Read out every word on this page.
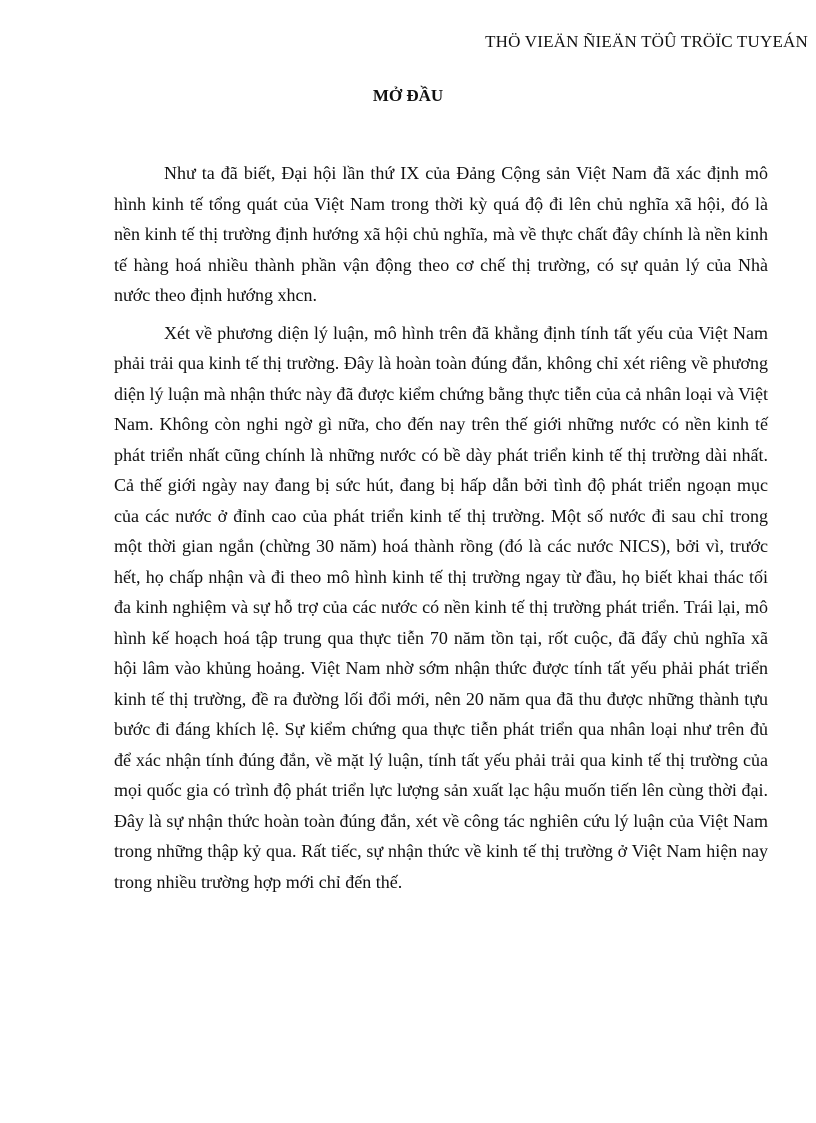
THÖ VIEÄN ÑIEÄN TÖÛ TRÖÏC TUYEÁN
MỞ ĐẦU

Như ta đã biết, Đại hội lần thứ IX của Đảng Cộng sản Việt Nam đã xác định mô hình kinh tế tổng quát của Việt Nam trong thời kỳ quá độ đi lên chủ nghĩa xã hội, đó là nền kinh tế thị trường định hướng xã hội chủ nghĩa, mà về thực chất đây chính là nền kinh tế hàng hoá nhiều thành phần vận động theo cơ chế thị trường, có sự quản lý của Nhà nước theo định hướng xhcn.

Xét về phương diện lý luận, mô hình trên đã khẳng định tính tất yếu của Việt Nam phải trải qua kinh tế thị trường. Đây là hoàn toàn đúng đắn, không chỉ xét riêng về phương diện lý luận mà nhận thức này đã được kiểm chứng bằng thực tiễn của cả nhân loại và Việt Nam. Không còn nghi ngờ gì nữa, cho đến nay trên thế giới những nước có nền kinh tế phát triển nhất cũng chính là những nước có bề dày phát triển kinh tế thị trường dài nhất. Cả thế giới ngày nay đang bị sức hút, đang bị hấp dẫn bởi tình độ phát triển ngoạn mục của các nước ở đỉnh cao của phát triển kinh tế thị trường. Một số nước đi sau chỉ trong một thời gian ngắn (chừng 30 năm) hoá thành rồng (đó là các nước NICS), bởi vì, trước hết, họ chấp nhận và đi theo mô hình kinh tế thị trường ngay từ đầu, họ biết khai thác tối đa kinh nghiệm và sự hỗ trợ của các nước có nền kinh tế thị trường phát triển. Trái lại, mô hình kế hoạch hoá tập trung qua thực tiễn 70 năm tồn tại, rốt cuộc, đã đẩy chủ nghĩa xã hội lâm vào khủng hoảng. Việt Nam nhờ sớm nhận thức được tính tất yếu phải phát triển kinh tế thị trường, đề ra đường lối đổi mới, nên 20 năm qua đã thu được những thành tựu bước đi đáng khích lệ. Sự kiểm chứng qua thực tiễn phát triển qua nhân loại như trên đủ để xác nhận tính đúng đắn, về mặt lý luận, tính tất yếu phải trải qua kinh tế thị trường của mọi quốc gia có trình độ phát triển lực lượng sản xuất lạc hậu muốn tiến lên cùng thời đại. Đây là sự nhận thức hoàn toàn đúng đắn, xét về công tác nghiên cứu lý luận của Việt Nam trong những thập kỷ qua. Rất tiếc, sự nhận thức về kinh tế thị trường ở Việt Nam hiện nay trong nhiều trường hợp mới chỉ đến thế.
